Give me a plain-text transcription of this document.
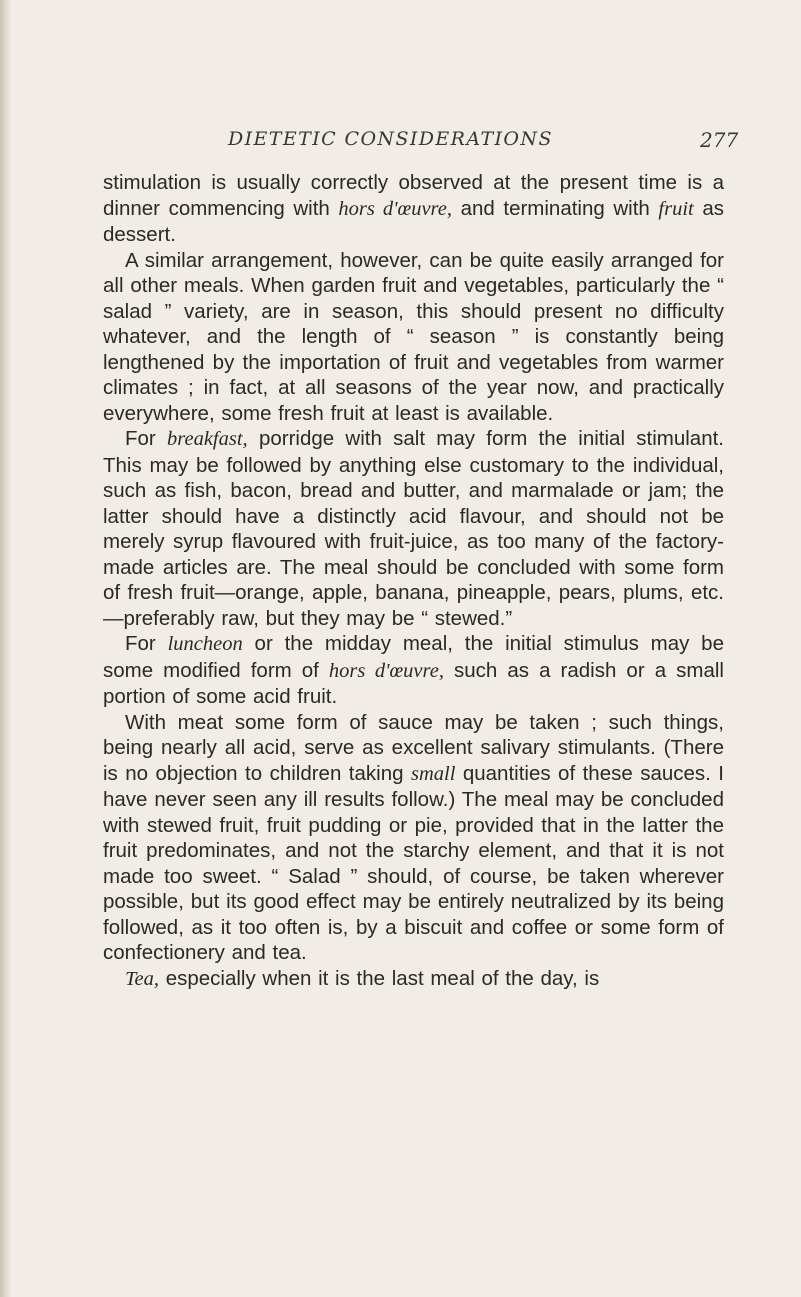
DIETETIC CONSIDERATIONS	277

stimulation is usually correctly observed at the present time is a dinner commencing with hors d'œuvre, and terminating with fruit as dessert.

A similar arrangement, however, can be quite easily arranged for all other meals. When garden fruit and vegetables, particularly the “ salad ” variety, are in season, this should present no difficulty whatever, and the length of “ season ” is constantly being lengthened by the importation of fruit and vegetables from warmer climates ; in fact, at all seasons of the year now, and practically everywhere, some fresh fruit at least is available.

For breakfast, porridge with salt may form the initial stimulant. This may be followed by anything else customary to the individual, such as fish, bacon, bread and butter, and marmalade or jam; the latter should have a distinctly acid flavour, and should not be merely syrup flavoured with fruit-juice, as too many of the factory-made articles are. The meal should be concluded with some form of fresh fruit—orange, apple, banana, pineapple, pears, plums, etc.—preferably raw, but they may be “ stewed.”

For luncheon or the midday meal, the initial stimulus may be some modified form of hors d'œuvre, such as a radish or a small portion of some acid fruit.

With meat some form of sauce may be taken ; such things, being nearly all acid, serve as excellent salivary stimulants. (There is no objection to children taking small quantities of these sauces. I have never seen any ill results follow.) The meal may be concluded with stewed fruit, fruit pudding or pie, provided that in the latter the fruit predominates, and not the starchy element, and that it is not made too sweet. “ Salad ” should, of course, be taken wherever possible, but its good effect may be entirely neutralized by its being followed, as it too often is, by a biscuit and coffee or some form of confectionery and tea.

Tea, especially when it is the last meal of the day, is
